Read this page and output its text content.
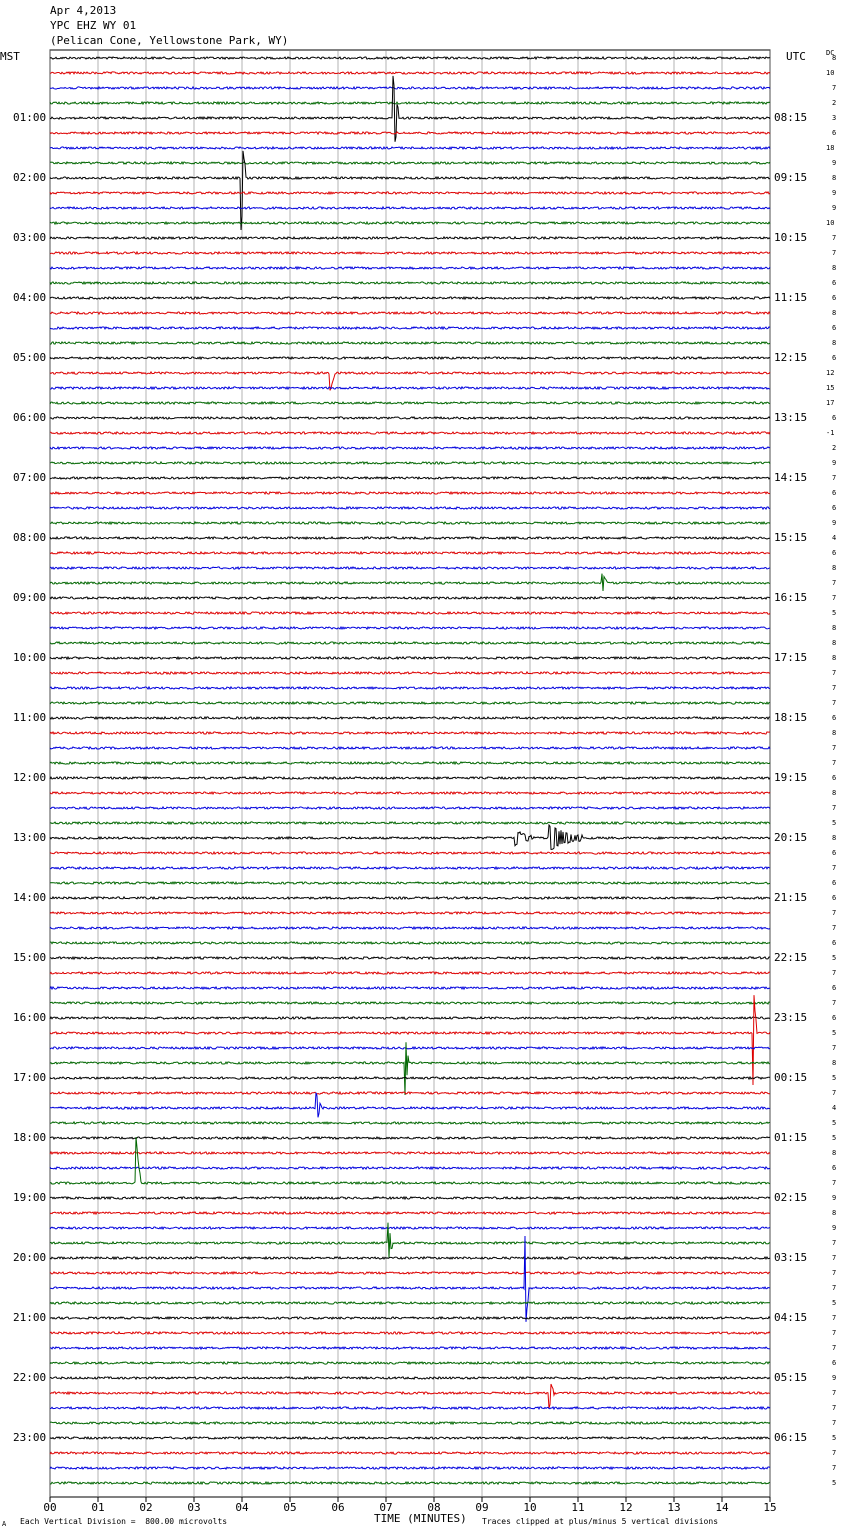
Apr 4,2013
YPC EHZ WY 01
(Pelican Cone, Yellowstone Park, WY)
MST	UTC	DC
00	01	02	03	04	05	06	07	08	09	10	11	12	13	14	15
01:00
02:00
03:00
04:00
05:00
06:00
07:00
08:00
09:00
10:00
11:00
12:00
13:00
14:00
15:00
16:00
17:00
18:00
19:00
20:00
21:00
22:00
23:00
08:15
09:15
10:15
11:15
12:15
13:15
14:15
15:15
16:15
17:15
18:15
19:15
20:15
21:15
22:15
23:15
00:15
01:15
02:15
03:15
04:15
05:15
06:15
8
10
7
2
3
6
18
9
8
9
9
10
7
7
8
6
6
8
6
8
6
12
15
17
6
-1
2
9
7
6
6
9
4
6
8
7
7
5
8
8
8
7
7
7
6
8
7
7
6
8
7
5
8
6
7
6
6
7
7
6
5
7
6
7
6
5
7
8
5
7
4
5
5
8
6
7
9
8
9
7
7
7
7
5
7
7
7
6
9
7
7
7
5
7
7
5
A Each Vertical Division =  800.00 microvolts	TIME (MINUTES) Traces clipped at plus/minus 5 vertical divisions
